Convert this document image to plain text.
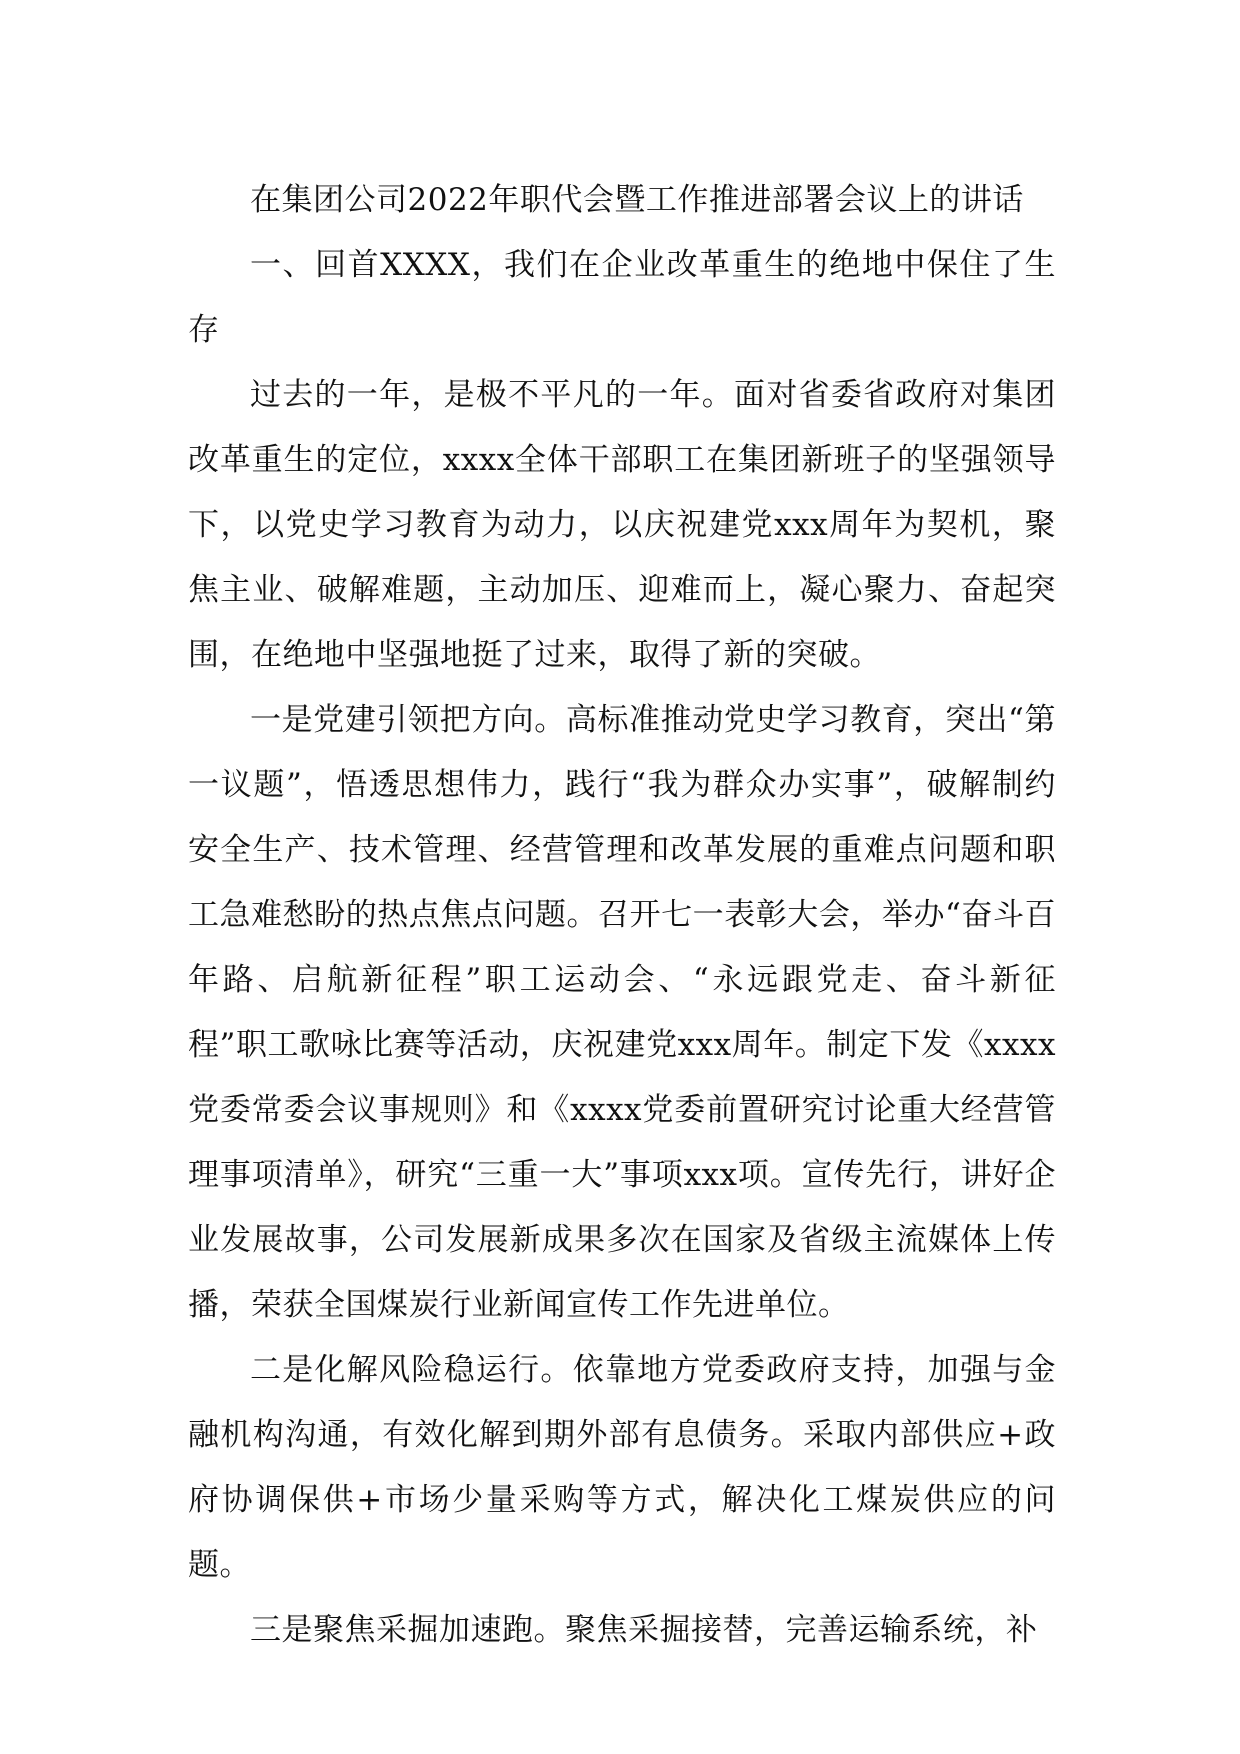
在集团公司2022年职代会暨工作推进部署会议上的讲话

一、回首XXXX，我们在企业改革重生的绝地中保住了生存

过去的一年，是极不平凡的一年。面对省委省政府对集团改革重生的定位，xxxx全体干部职工在集团新班子的坚强领导下，以党史学习教育为动力，以庆祝建党xxx周年为契机，聚焦主业、破解难题，主动加压、迎难而上，凝心聚力、奋起突围，在绝地中坚强地挺了过来，取得了新的突破。

一是党建引领把方向。高标准推动党史学习教育，突出“第一议题”，悟透思想伟力，践行“我为群众办实事”，破解制约安全生产、技术管理、经营管理和改革发展的重难点问题和职工急难愁盼的热点焦点问题。召开七一表彰大会，举办“奋斗百年路、启航新征程”职工运动会、“永远跟党走、奋斗新征程”职工歌咏比赛等活动，庆祝建党xxx周年。制定下发《xxxx党委常委会议事规则》和《xxxx党委前置研究讨论重大经营管理事项清单》，研究“三重一大”事项xxx项。宣传先行，讲好企业发展故事，公司发展新成果多次在国家及省级主流媒体上传播，荣获全国煤炭行业新闻宣传工作先进单位。

二是化解风险稳运行。依靠地方党委政府支持，加强与金融机构沟通，有效化解到期外部有息债务。采取内部供应+政府协调保供+市场少量采购等方式，解决化工煤炭供应的问题。

三是聚焦采掘加速跑。聚焦采掘接替，完善运输系统，补
